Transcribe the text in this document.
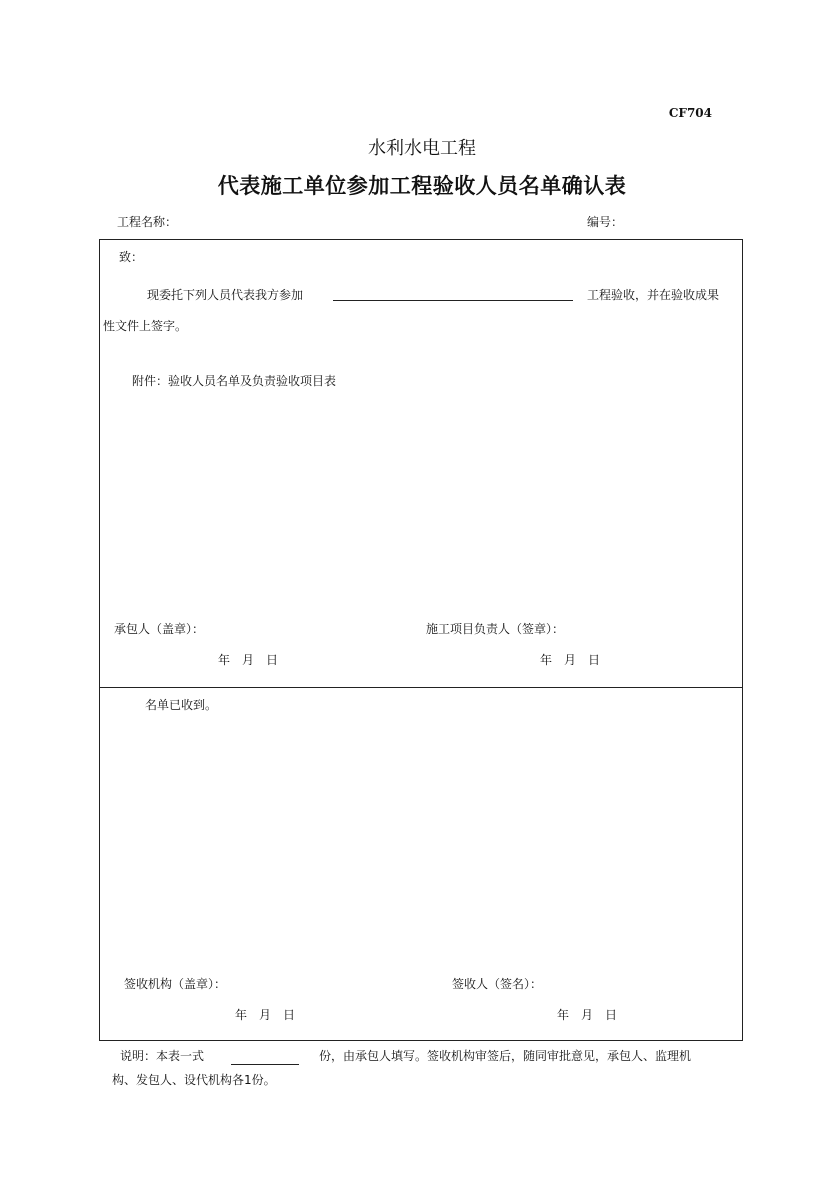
CF704
水利水电工程
代表施工单位参加工程验收人员名单确认表
工程名称：	编号：
致：
现委托下列人员代表我方参加	工程验收，并在验收成果
性文件上签字。
附件：验收人员名单及负责验收项目表
承包人（盖章）：	施工项目负责人（签章）：
年　月　日	年　月　日
名单已收到。
签收机构（盖章）：	签收人（签名）：
年　月　日	年　月　日
说明：本表一式	份，由承包人填写。签收机构审签后，随同审批意见，承包人、监理机
构、发包人、设代机构各1份。
